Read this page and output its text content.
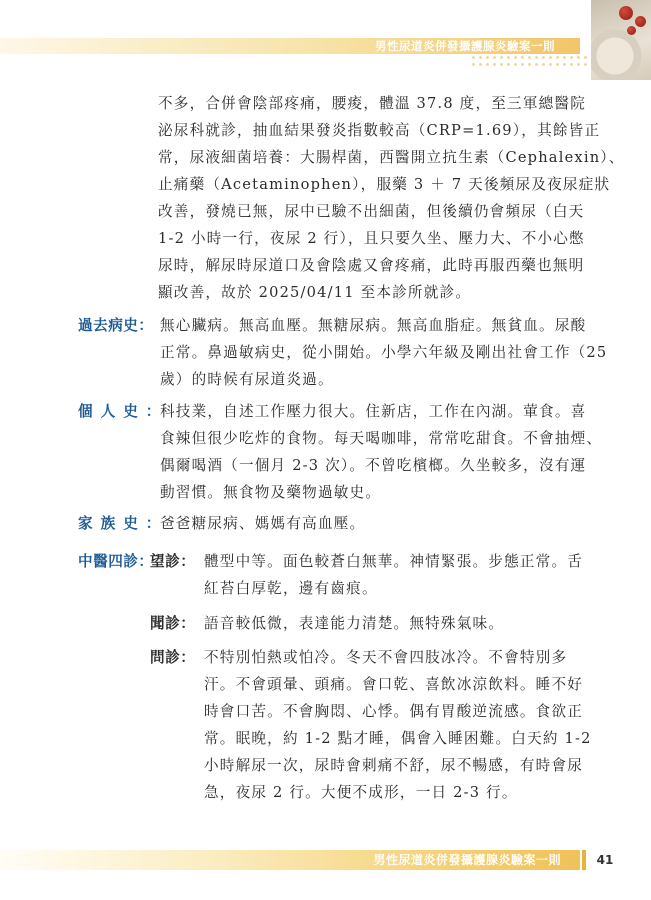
男性尿道炎併發攝護腺炎驗案一則
不多，合併會陰部疼痛，腰痠，體溫 37.8 度，至三軍總醫院
泌尿科就診，抽血結果發炎指數較高（CRP=1.69），其餘皆正
常，尿液細菌培養：大腸桿菌，西醫開立抗生素（Cephalexin）、
止痛藥（Acetaminophen），服藥 3 ＋ 7 天後頻尿及夜尿症狀
改善，發燒已無，尿中已驗不出細菌，但後續仍會頻尿（白天
1-2 小時一行，夜尿 2 行），且只要久坐、壓力大、不小心憋
尿時，解尿時尿道口及會陰處又會疼痛，此時再服西藥也無明
顯改善，故於 2025/04/11 至本診所就診。
過去病史： 無心臟病。無高血壓。無糖尿病。無高血脂症。無貧血。尿酸
正常。鼻過敏病史，從小開始。小學六年級及剛出社會工作（25
歲）的時候有尿道炎過。
個人史：
科技業，自述工作壓力很大。住新店，工作在內湖。葷食。喜
食辣但很少吃炸的食物。每天喝咖啡，常常吃甜食。不會抽煙、
偶爾喝酒（一個月 2-3 次）。不曾吃檳榔。久坐較多，沒有運
動習慣。無食物及藥物過敏史。
家族史：
爸爸糖尿病、媽媽有高血壓。
中醫四診：
望診： 體型中等。面色較蒼白無華。神情緊張。步態正常。舌
紅苔白厚乾，邊有齒痕。
聞診： 語音較低微，表達能力清楚。無特殊氣味。
問診： 不特別怕熱或怕冷。冬天不會四肢冰冷。不會特別多
汗。不會頭暈、頭痛。會口乾、喜飲冰涼飲料。睡不好
時會口苦。不會胸悶、心悸。偶有胃酸逆流感。食欲正
常。眠晚，約 1-2 點才睡，偶會入睡困難。白天約 1-2
小時解尿一次，尿時會刺痛不舒，尿不暢感，有時會尿
急，夜尿 2 行。大便不成形，一日 2-3 行。
男性尿道炎併發攝護腺炎驗案一則	41
